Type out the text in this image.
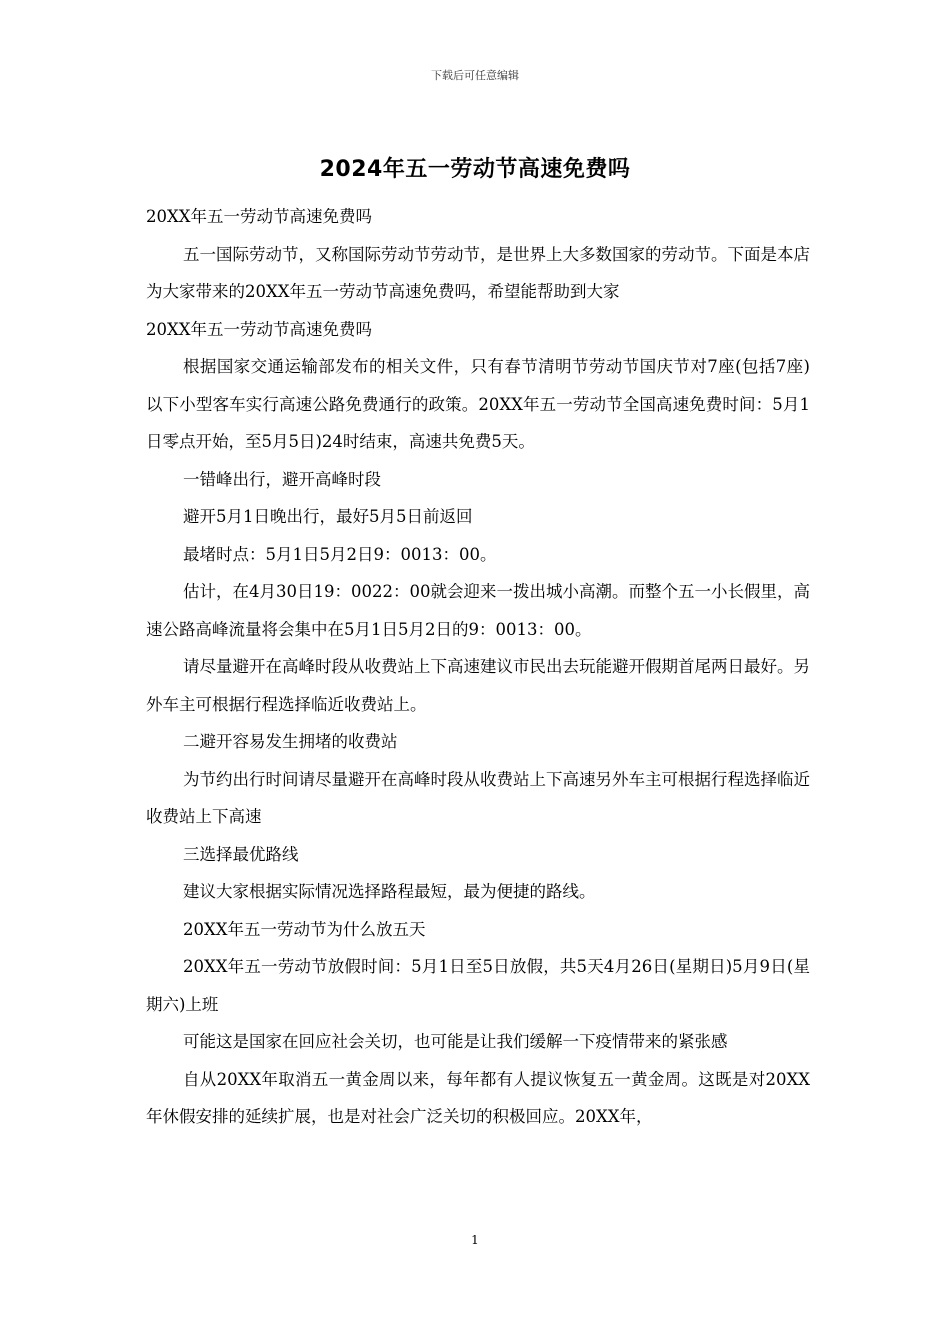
下载后可任意编辑
2024年五一劳动节高速免费吗

20XX年五一劳动节高速免费吗

五一国际劳动节，又称国际劳动节劳动节，是世界上大多数国家的劳动节。下面是本店为大家带来的20XX年五一劳动节高速免费吗，希望能帮助到大家

20XX年五一劳动节高速免费吗

根据国家交通运输部发布的相关文件，只有春节清明节劳动节国庆节对7座(包括7座)以下小型客车实行高速公路免费通行的政策。20XX年五一劳动节全国高速免费时间：5月1日零点开始，至5月5日)24时结束，高速共免费5天。

一错峰出行，避开高峰时段

避开5月1日晚出行，最好5月5日前返回

最堵时点：5月1日5月2日9：0013：00。

估计，在4月30日19：0022：00就会迎来一拨出城小高潮。而整个五一小长假里，高速公路高峰流量将会集中在5月1日5月2日的9：0013：00。

请尽量避开在高峰时段从收费站上下高速建议市民出去玩能避开假期首尾两日最好。另外车主可根据行程选择临近收费站上。

二避开容易发生拥堵的收费站

为节约出行时间请尽量避开在高峰时段从收费站上下高速另外车主可根据行程选择临近收费站上下高速

三选择最优路线

建议大家根据实际情况选择路程最短，最为便捷的路线。

20XX年五一劳动节为什么放五天

20XX年五一劳动节放假时间：5月1日至5日放假，共5天4月26日(星期日)5月9日(星期六)上班

可能这是国家在回应社会关切，也可能是让我们缓解一下疫情带来的紧张感

自从20XX年取消五一黄金周以来，每年都有人提议恢复五一黄金周。这既是对20XX年休假安排的延续扩展，也是对社会广泛关切的积极回应。20XX年，

1
